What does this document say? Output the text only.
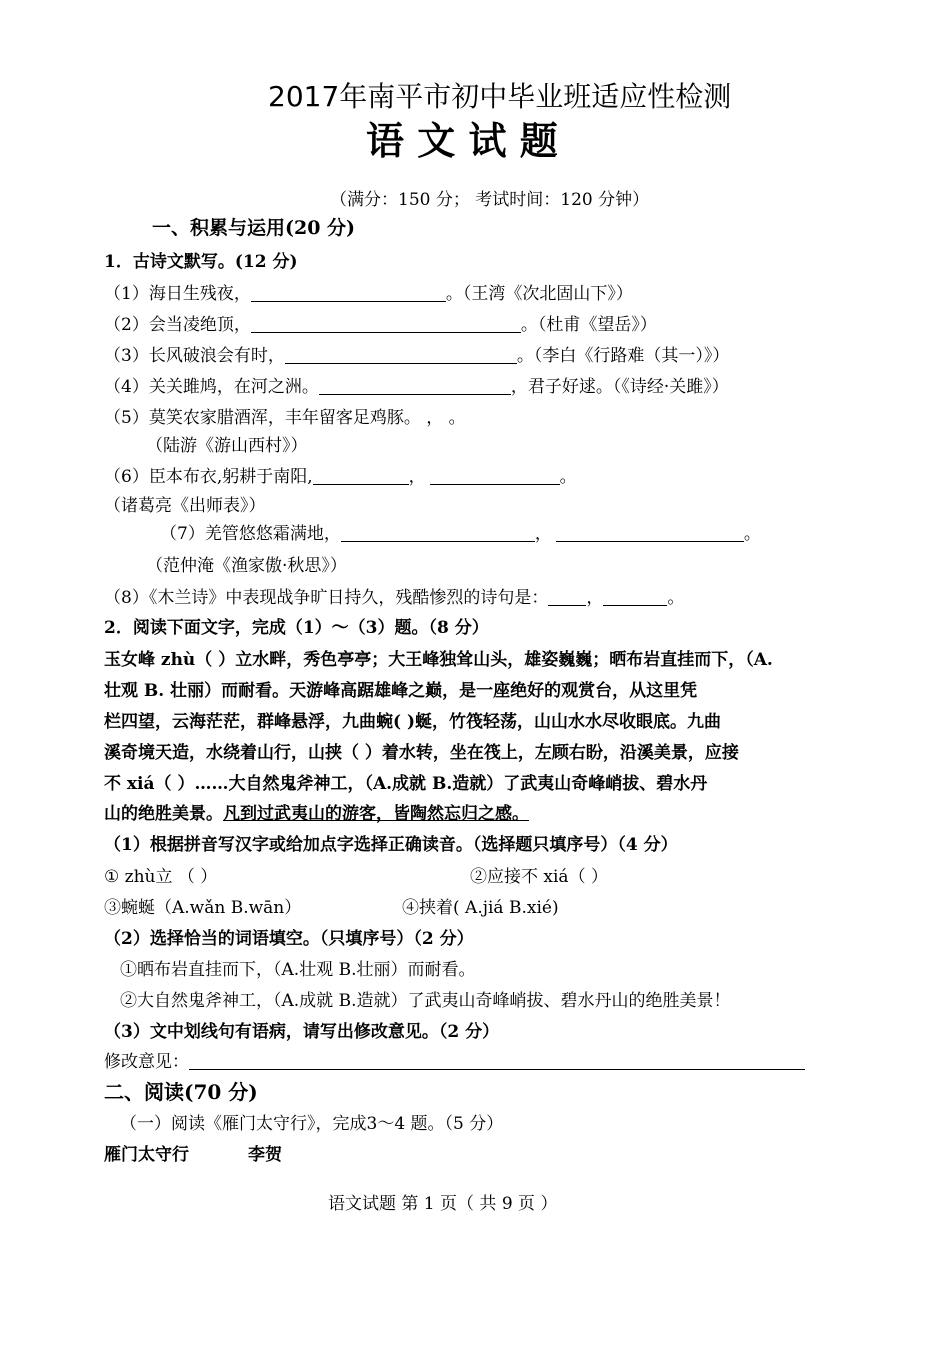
2017年南平市初中毕业班适应性检测
语 文 试 题
（满分：150 分； 考试时间：120 分钟）
一、积累与运用(20 分)
1．古诗文默写。(12 分)
（1）海日生残夜，	。（王湾《次北固山下》）
（2）会当凌绝顶，	。（杜甫《望岳》）
（3）长风破浪会有时，	。（李白《行路难（其一）》）
（4）关关雎鸠，在河之洲。	，君子好逑。（《诗经·关雎》）
（5）莫笑农家腊酒浑，丰年留客足鸡豚。 ， 。
（陆游《游山西村》）
（6）臣本布衣,躬耕于南阳,	，	。
（诸葛亮《出师表》）
（7）羌管悠悠霜满地，	，	。
（范仲淹《渔家傲·秋思》）
（8）《木兰诗》中表现战争旷日持久，残酷惨烈的诗句是： ，	。
2．阅读下面文字，完成（1）～（3）题。（8 分）
玉女峰 zhù（ ）立水畔，秀色亭亭；大王峰独耸山头，雄姿巍巍；晒布岩直挂而下，（A.
壮观 B. 壮丽）而耐看。天游峰高踞雄峰之巅，是一座绝好的观赏台，从这里凭
栏四望，云海茫茫，群峰悬浮，九曲蜿( )蜒，竹筏轻荡，山山水水尽收眼底。九曲
溪奇境天造，水绕着山行，山挟（ ）着水转，坐在筏上，左顾右盼，沿溪美景，应接
不 xiá（ ）……大自然鬼斧神工，（A.成就 B.造就）了武夷山奇峰峭拔、碧水丹
山的绝胜美景。凡到过武夷山的游客，皆陶然忘归之感。
（1）根据拼音写汉字或给加点字选择正确读音。（选择题只填序号）（4 分）
① zhù立 （ ）	②应接不 xiá（ ）
③蜿蜒（A.wǎn B.wān）	④挟着( A.jiá B.xié)
（2）选择恰当的词语填空。（只填序号）（2 分）
①晒布岩直挂而下，（A.壮观 B.壮丽）而耐看。
②大自然鬼斧神工，（A.成就 B.造就）了武夷山奇峰峭拔、碧水丹山的绝胜美景！
（3）文中划线句有语病，请写出修改意见。（2 分）
修改意见：
二、阅读(70 分)
（一）阅读《雁门太守行》，完成3～4 题。（5 分）
雁门太守行	李贺
语文试题 第 1 页（ 共 9 页 ）
